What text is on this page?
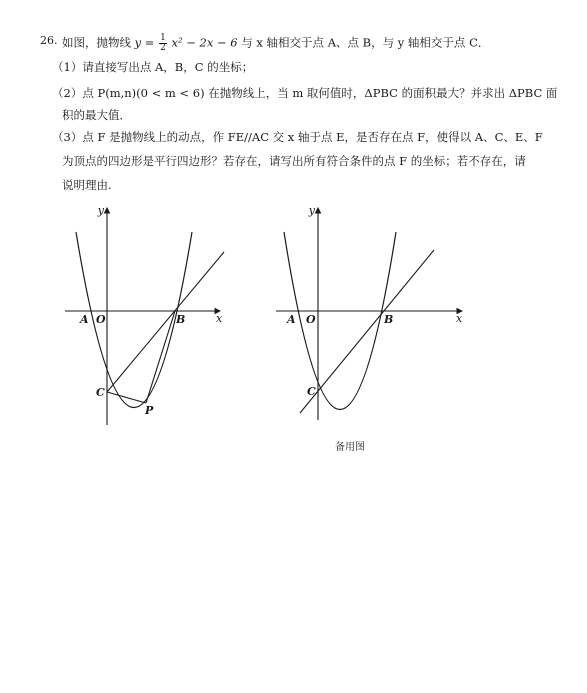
26. 如图，抛物线 $y = \frac{1}{2} x^2 - 2x - 6$ 与 x 轴相交于点 A、点 B，与 y 轴相交于点 C．
（1）请直接写出点 A，B，C 的坐标；
（2）点 P(m,n)(0 < m < 6) 在抛物线上，当 m 取何值时，ΔPBC 的面积最大？并求出 ΔPBC 面
积的最大值．
（3）点 F 是抛物线上的动点，作 FE//AC 交 x 轴于点 E，是否存在点 F，使得以 A、C、E、F
为顶点的四边形是平行四边形？若存在，请写出所有符合条件的点 F 的坐标；若不存在，请
说明理由.
y
x
A O	B
C
P
y
x
A O	B
C
备用图
